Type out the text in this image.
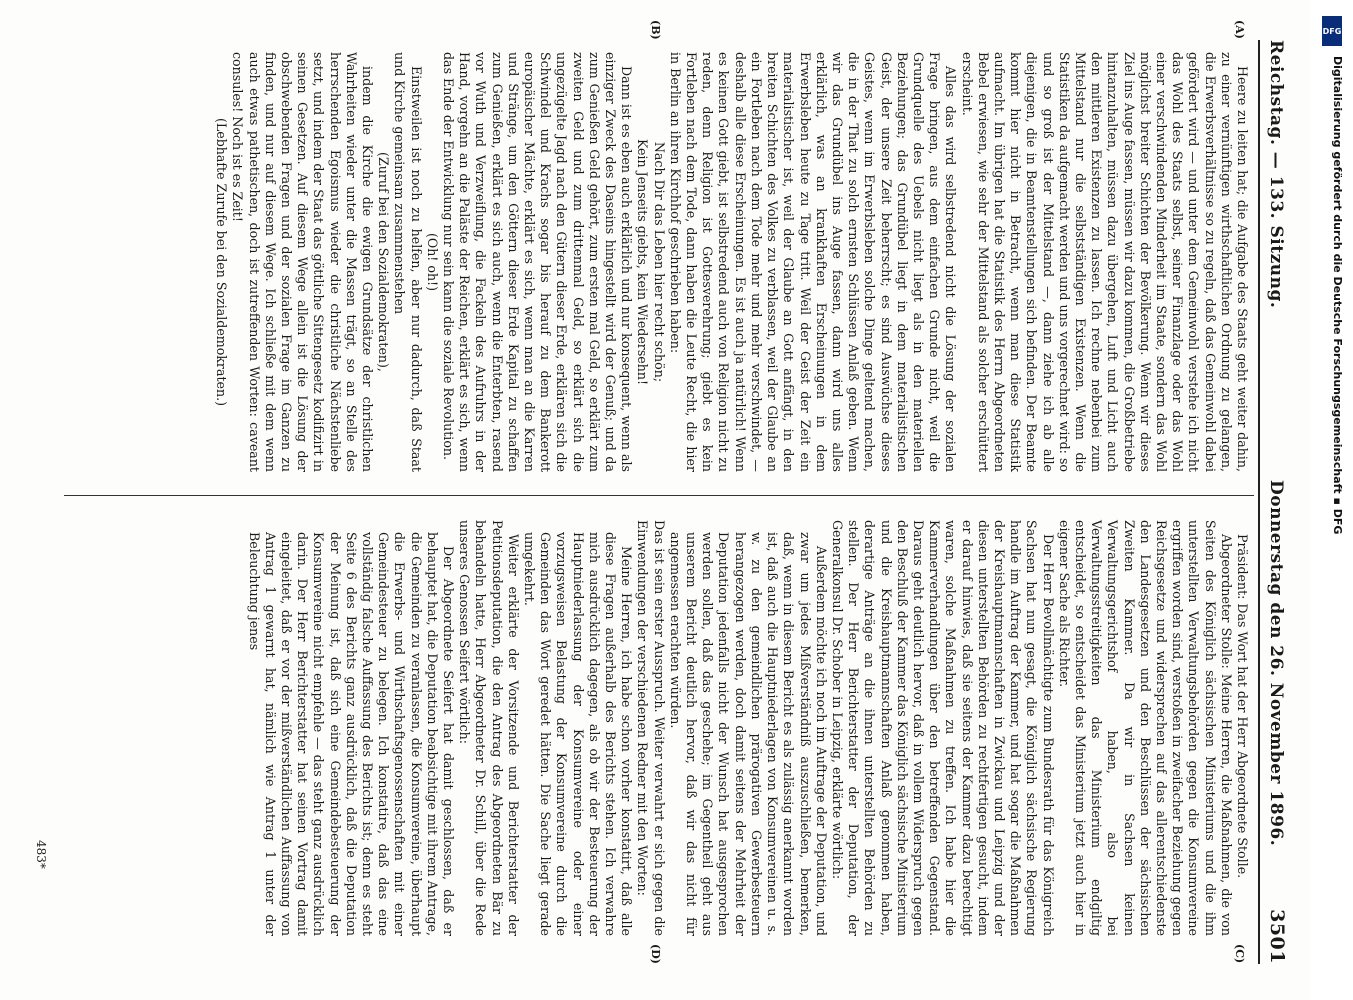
Reichstag. — 133. Sitzung.
Donnerstag den 26. November 1896.
3501
(A)
(B)
(C)
(D)

Heere zu leiten hat; die Aufgabe des Staats geht weiter dahin, zu einer vernünftigen wirthschaftlichen Ordnung zu gelangen, die Erwerbsverhältnisse so zu regeln, daß das Gemeinwohl dabei gefördert wird — und unter dem Gemeinwohl verstehe ich nicht das Wohl des Staats selbst, seiner Finanzlage oder das Wohl einer verschwindenden Minderheit im Staate, sondern das Wohl möglichst breiter Schichten der Bevölkerung. Wenn wir dieses Ziel ins Auge fassen, müssen wir dazu kommen, die Großbetriebe hintanzuhalten, müssen dazu übergehen, Luft und Licht auch den mittleren Existenzen zu lassen. Ich rechne nebenbei zum Mittelstand nur die selbstständigen Existenzen. Wenn die Statistiken da aufgemacht werden und uns vorgerechnet wird: so und so groß ist der Mittelstand —, dann ziehe ich ab alle diejenigen, die in Beamtenstellungen sich befinden. Der Beamte kommt hier nicht in Betracht, wenn man diese Statistik aufmacht. Im übrigen hat die Statistik des Herrn Abgeordneten Bebel erwiesen, wie sehr der Mittelstand als solcher erschüttert erscheint.

Alles das wird selbstredend nicht die Lösung der sozialen Frage bringen, aus dem einfachen Grunde nicht, weil die Grundquelle des Uebels nicht liegt als in den materiellen Beziehungen; das Grundübel liegt in dem materialistischen Geist, der unsere Zeit beherrscht; es sind Auswüchse dieses Geistes, wenn im Erwerbsleben solche Dinge geltend machen, die in der That zu solch ernsten Schlüssen Anlaß geben. Wenn wir das Grundübel ins Auge fassen, dann wird uns alles erklärlich, was an krankhaften Erscheinungen in dem Erwerbsleben heute zu Tage tritt. Weil der Geist der Zeit ein materialistischer ist, weil der Glaube an Gott anfängt, in den breiten Schichten des Volkes zu verblassen, weil der Glaube an ein Fortleben nach dem Tode mehr und mehr verschwindet, — deshalb alle diese Erscheinungen. Es ist auch ja natürlich! Wenn es keinen Gott giebt, ist selbstredend auch von Religion nicht zu reden, denn Religion ist Gottesverehrung; giebt es kein Fortleben nach dem Tode, dann haben die Leute Recht, die hier in Berlin an ihren Kirchhof geschrieben haben:

Nach Dir das Leben hier recht schön;

Kein Jenseits giebts, kein Wiedersehn!

Dann ist es eben auch erklärlich und nur konsequent, wenn als einziger Zweck des Daseins hingestellt wird der Genuß; und da zum Genießen Geld gehört, zum ersten mal Geld, so erklärt zum zweiten Geld und zum drittenmal Geld, so erklärt sich die ungezügelte Jagd nach den Gütern dieser Erde, erklären sich die Schwindel und Krachs sogar bis herauf zu dem Bankerott europäischer Mächte, erklärt es sich, wenn man an die Karren und Stränge, um den Göttern dieser Erde Kapital zu schaffen zum Genießen, erklärt es sich auch, wenn die Enterbten, rasend vor Wuth und Verzweiflung, die Fackeln des Aufruhrs in der Hand, vorgehn an die Paläste der Reichen, erklärt es sich, wenn das Ende der Entwicklung nur sein kann die soziale Revolution.

(Oh! oh!)

Einstweilen ist noch zu helfen, aber nur dadurch, daß Staat und Kirche gemeinsam zusammenstehen

(Zuruf bei den Sozialdemokraten),

indem die Kirche die ewigen Grundsätze der christlichen Wahrheiten wieder unter die Massen trägt, so an Stelle des herrschenden Egoismus wieder die christliche Nächstenliebe setzt, und indem der Staat das göttliche Sittengesetz kodifizirt in seinen Gesetzen. Auf diesem Wege allein ist die Lösung der obschwebenden Fragen und der sozialen Frage im Ganzen zu finden, und nur auf diesem Wege. Ich schließe mit dem wenn auch etwas pathetischen, doch ist zutreffenden Worten: caveant consules! Noch ist es Zeit!

(Lebhafte Zurufe bei den Sozialdemokraten.)

Präsident: Das Wort hat der Herr Abgeordnete Stolle.

Abgeordneter Stolle: Meine Herren, die Maßnahmen, die von Seiten des Königlich sächsischen Ministeriums und die ihm unterstellten Verwaltungsbehörden gegen die Konsumvereine ergriffen worden sind, verstoßen in zweifacher Beziehung gegen Reichsgesetze und widersprechen auf das allerentschiedenste den Landesgesetzen und den Beschlüssen der sächsischen Zweiten Kammer. Da wir in Sachsen keinen Verwaltungsgerichtshof haben, also bei Verwaltungsstreitigkeiten das Ministerium endgiltig entscheidet, so entscheidet das Ministerium jetzt auch hier in eigener Sache als Richter.

Der Herr Bevollmächtigte zum Bundesrath für das Königreich Sachsen hat nun gesagt, die Königlich sächsische Regierung handle im Auftrag der Kammer, und hat sogar die Maßnahmen der Kreishauptmannschaften in Zwickau und Leipzig und der diesen unterstellten Behörden zu rechtfertigen gesucht, indem er darauf hinwies, daß sie seitens der Kammer dazu berechtigt waren, solche Maßnahmen zu treffen. Ich habe hier die Kammerverhandlungen über den betreffenden Gegenstand. Daraus geht deutlich hervor, daß in vollem Widerspruch gegen den Beschluß der Kammer das Königlich sächsische Ministerium und die Kreishauptmannschaften Anlaß genommen haben, derartige Anträge an die ihnen unterstellten Behörden zu stellen. Der Herr Berichterstatter der Deputation, der Generalkonsul Dr. Schober in Leipzig, erklärte wörtlich:

Außerdem möchte ich noch im Auftrage der Deputation, und zwar um jedes Mißverständniß auszuschließen, bemerken, daß, wenn in diesem Bericht es als zulässig anerkannt worden ist, daß auch die Hauptniederlagen von Konsumvereinen u. s. w. zu den gemeindlichen prärogativen Gewerbesteuern herangezogen werden, doch damit seitens der Mehrheit der Deputation jedenfalls nicht der Wunsch hat ausgesprochen werden sollen, daß das geschehe; im Gegentheil geht aus unserem Bericht deutlich hervor, daß wir das nicht für angemessen erachten würden.

Das ist sein erster Ausspruch. Weiter verwahrt er sich gegen die Einwendungen der verschiedenen Redner mit den Worten:

Meine Herren, ich habe schon vorher konstatirt, daß alle diese Fragen außerhalb des Berichts stehen. Ich verwahre mich ausdrücklich dagegen, als ob wir der Besteuerung der Hauptniederlassung der Konsumvereine oder einer vorzugsweisen Belastung der Konsumvereine durch die Gemeinden das Wort geredet hätten. Die Sache liegt gerade umgekehrt.

Weiter erklärte der Vorsitzende und Berichterstatter der Petitionsdeputation, die den Antrag des Abgeordneten Bär zu behandeln hatte, Herr Abgeordneter Dr. Schill, über die Rede unseres Genossen Seifert wörtlich:

Der Abgeordnete Seifert hat damit geschlossen, daß er behauptet hat, die Deputation beabsichtige mit ihrem Antrage, die Gemeinden zu veranlassen, die Konsumvereine, überhaupt die Erwerbs- und Wirthschaftsgenossenschaften mit einer Gemeindesteuer zu belegen. Ich konstatire, daß das eine vollständig falsche Auffassung des Berichts ist; denn es steht Seite 6 des Berichts ganz ausdrücklich, daß die Deputation der Meinung ist, daß sich eine Gemeindebesteuerung der Konsumvereine nicht empfehle — das steht ganz ausdrücklich darin. Der Herr Berichterstatter hat seinen Vortrag damit eingeleitet, daß er vor der mißverständlichen Auffassung von Antrag 1 gewarnt hat, nämlich wie Antrag 1 unter der Beleuchtung jenes

483*
DFG
Digitalisierung gefördert durch die Deutsche Forschungsgemeinschaft ▪ DFG
